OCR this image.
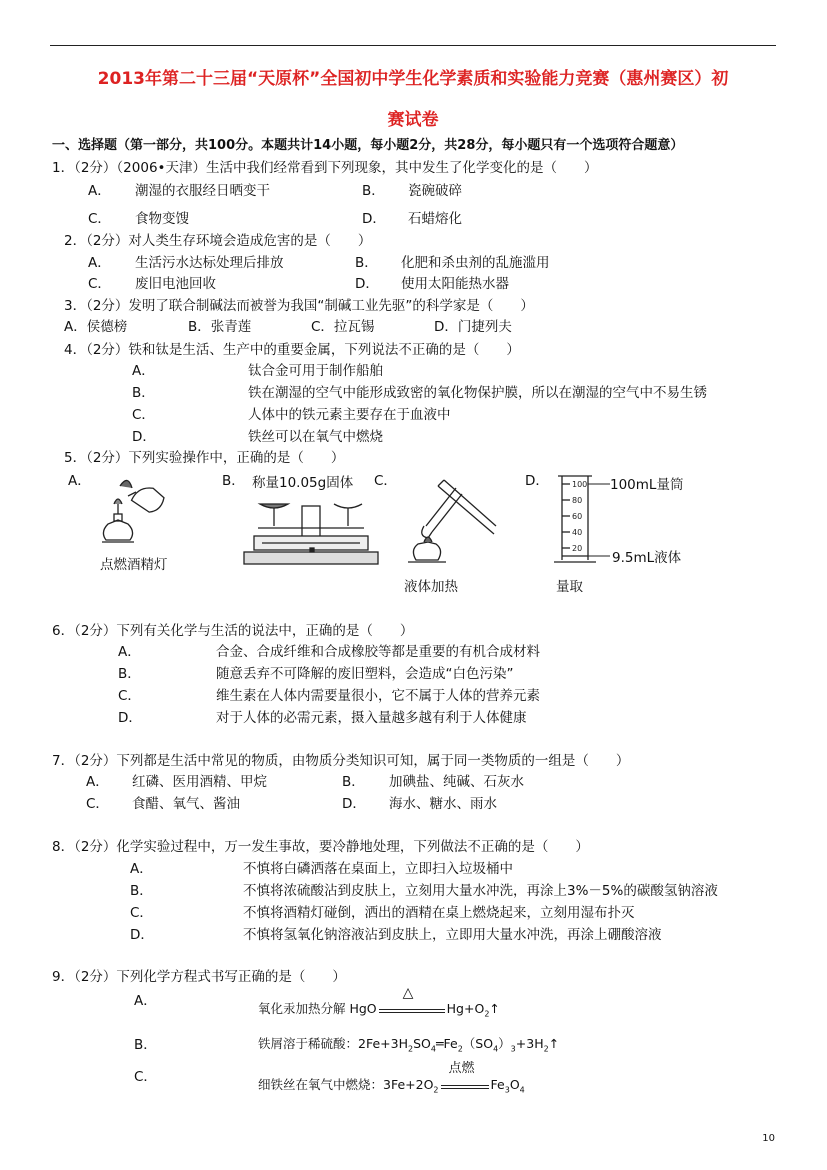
2013年第二十三届“天原杯”全国初中学生化学素质和实验能力竞赛（惠州赛区）初
赛试卷
一、选择题（第一部分，共100分。本题共计14小题，每小题2分，共28分，每小题只有一个选项符合题意）
1．（2分）（2006•天津）生活中我们经常看到下列现象，其中发生了化学变化的是（　　）
A． 潮湿的衣服经日晒变干	B． 瓷碗破碎
C． 食物变馊	D． 石蜡熔化
2．（2分）对人类生存环境会造成危害的是（　　）
A． 生活污水达标处理后排放	B． 化肥和杀虫剂的乱施滥用
C． 废旧电池回收	D． 使用太阳能热水器
3．（2分）发明了联合制碱法而被誉为我国“制碱工业先驱”的科学家是（　　）
A．侯德榜	B．张青莲	C．拉瓦锡	D．门捷列夫
4．（2分）铁和钛是生活、生产中的重要金属，下列说法不正确的是（　　）
A．	钛合金可用于制作船舶
B．	铁在潮湿的空气中能形成致密的氧化物保护膜，所以在潮湿的空气中不易生锈
C．	人体中的铁元素主要存在于血液中
D．	铁丝可以在氧气中燃烧
5．（2分）下列实验操作中，正确的是（　　）
A．	B．	C．	D．
点燃酒精灯
称量10.05g固体
液体加热
100
80
60
40
20
100mL量筒
9.5mL液体
量取
6．（2分）下列有关化学与生活的说法中，正确的是（　　）
A．	合金、合成纤维和合成橡胶等都是重要的有机合成材料
B．	随意丢弃不可降解的废旧塑料，会造成“白色污染”
C．	维生素在人体内需要量很小，它不属于人体的营养元素
D．	对于人体的必需元素，摄入量越多越有利于人体健康
7．（2分）下列都是生活中常见的物质，由物质分类知识可知，属于同一类物质的一组是（　　）
A． 红磷、医用酒精、甲烷	B． 加碘盐、纯碱、石灰水
C． 食醋、氧气、酱油	D． 海水、糖水、雨水
8．（2分）化学实验过程中，万一发生事故，要冷静地处理，下列做法不正确的是（　　）
A．	不慎将白磷洒落在桌面上，立即扫入垃圾桶中
B．	不慎将浓硫酸沾到皮肤上，立刻用大量水冲洗，再涂上3%－5%的碳酸氢钠溶液
C．	不慎将酒精灯碰倒，洒出的酒精在桌上燃烧起来，立刻用湿布扑灭
D．	不慎将氢氧化钠溶液沾到皮肤上，立即用大量水冲洗，再涂上硼酸溶液
9．（2分）下列化学方程式书写正确的是（　　）
A．	氧化汞加热分解 HgO
△
$Hg+O_2↑$
B．	铁屑溶于稀硫酸：$2Fe+3H_2SO_4═Fe_2(SO_4)_3+3H_2↑$
C．	细铁丝在氧气中燃烧：$3Fe+2O_2$
点燃
$Fe_3O_4$
10
